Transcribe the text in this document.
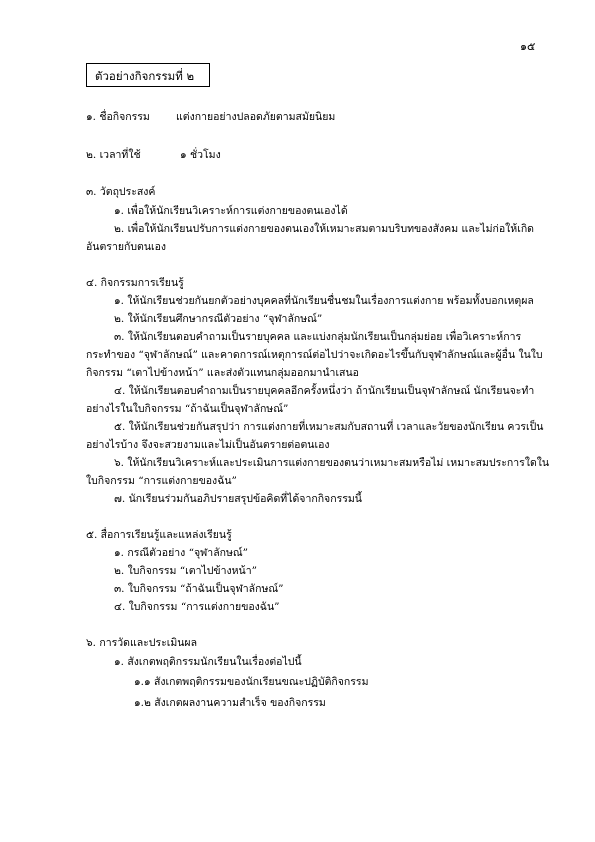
๑๕
ตัวอย่างกิจกรรมที่ ๒
๑. ชื่อกิจกรรม แต่งกายอย่างปลอดภัยตามสมัยนิยม
๒. เวลาที่ใช้	๑ ชั่วโมง
๓. วัตถุประสงค์
๑. เพื่อให้นักเรียนวิเคราะห์การแต่งกายของตนเองได้
๒. เพื่อให้นักเรียนปรับการแต่งกายของตนเองให้เหมาะสมตามบริบทของสังคม และไม่ก่อให้เกิด
อันตรายกับตนเอง
๔. กิจกรรมการเรียนรู้
๑. ให้นักเรียนช่วยกันยกตัวอย่างบุคคลที่นักเรียนชื่นชมในเรื่องการแต่งกาย พร้อมทั้งบอกเหตุผล
๒. ให้นักเรียนศึกษากรณีตัวอย่าง “จุฬาลักษณ์”
๓. ให้นักเรียนตอบคำถามเป็นรายบุคคล และแบ่งกลุ่มนักเรียนเป็นกลุ่มย่อย เพื่อวิเคราะห์การ
กระทำของ “จุฬาลักษณ์” และคาดการณ์เหตุการณ์ต่อไปว่าจะเกิดอะไรขึ้นกับจุฬาลักษณ์และผู้อื่น ในใบ
กิจกรรม “เตาไปข้างหน้า” และส่งตัวแทนกลุ่มออกมานำเสนอ
๔. ให้นักเรียนตอบคำถามเป็นรายบุคคลอีกครั้งหนึ่งว่า ถ้านักเรียนเป็นจุฬาลักษณ์ นักเรียนจะทำ
อย่างไรในใบกิจกรรม “ถ้าฉันเป็นจุฬาลักษณ์”
๕. ให้นักเรียนช่วยกันสรุปว่า การแต่งกายที่เหมาะสมกับสถานที่ เวลาและวัยของนักเรียน ควรเป็น
อย่างไรบ้าง จึงจะสวยงามและไม่เป็นอันตรายต่อตนเอง
๖. ให้นักเรียนวิเคราะห์และประเมินการแต่งกายของตนว่าเหมาะสมหรือไม่ เหมาะสมประการใดใน
ใบกิจกรรม “การแต่งกายของฉัน”
๗. นักเรียนร่วมกันอภิปรายสรุปข้อคิดที่ได้จากกิจกรรมนี้
๕. สื่อการเรียนรู้และแหล่งเรียนรู้
๑. กรณีตัวอย่าง “จุฬาลักษณ์”
๒. ใบกิจกรรม “เตาไปข้างหน้า”
๓. ใบกิจกรรม “ถ้าฉันเป็นจุฬาลักษณ์”
๔. ใบกิจกรรม “การแต่งกายของฉัน”
๖. การวัดและประเมินผล
๑. สังเกตพฤติกรรมนักเรียนในเรื่องต่อไปนี้
๑.๑ สังเกตพฤติกรรมของนักเรียนขณะปฏิบัติกิจกรรม
๑.๒ สังเกตผลงานความสำเร็จ ของกิจกรรม
